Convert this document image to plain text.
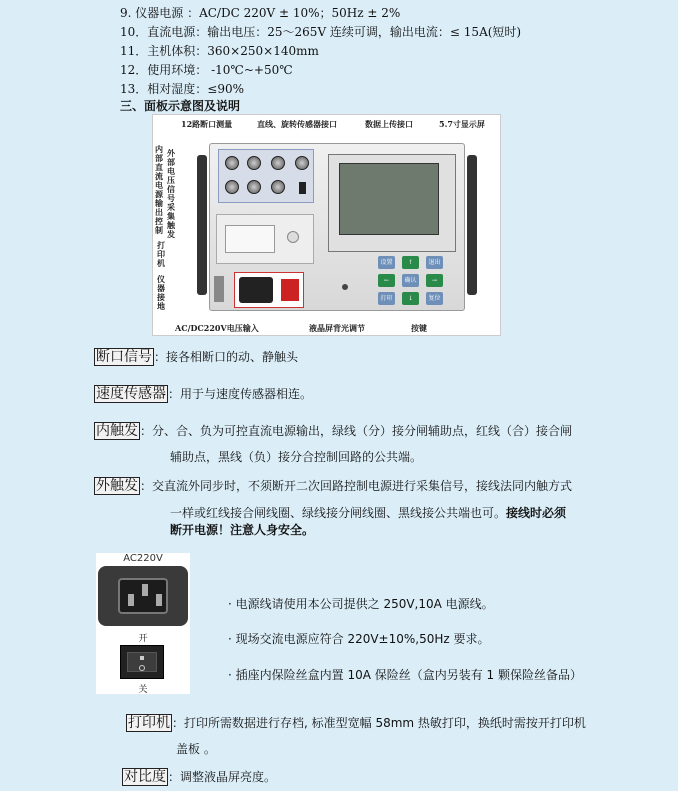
9. 仪器电源 ：AC/DC 220V ± 10%；50Hz ± 2%
10．直流电源：输出电压：25～265V 连续可调，输出电流：≤ 15A(短时)
11．主机体积：360×250×140mm
12．使用环境： -10℃~+50℃
13．相对湿度：≤90%
三、面板示意图及说明
12路断口测量	直线、旋转传感器接口	数据上传接口	5.7寸显示屏
内部直流电源输出控制
外部电压信号采集触发
打印机
仪器接地
AC/DC220V电压输入	液晶屏背光调节	按键
设置	↑	退出
←	确认	→
打印	↓	复位
断口信号 ：接各相断口的动、静触头
速度传感器 ：用于与速度传感器相连。
内触发 ：分、合、负为可控直流电源输出，绿线（分）接分闸辅助点，红线（合）接合闸
辅助点，黑线（负）接分合控制回路的公共端。
外触发 ：交直流外同步时，不须断开二次回路控制电源进行采集信号，接线法同内触方式
一样或红线接合闸线圈、绿线接分闸线圈、黑线接公共端也可。接线时必须
断开电源！注意人身安全。
AC220V
开
关
· 电源线请使用本公司提供之 250V,10A 电源线。
· 现场交流电源应符合 220V±10%,50Hz 要求。
· 插座内保险丝盒内置 10A 保险丝（盒内另装有 1 颗保险丝备品）
打印机 ：打印所需数据进行存档, 标准型宽幅 58mm 热敏打印，换纸时需按开打印机
盖板 。
对比度 ：调整液晶屏亮度。
